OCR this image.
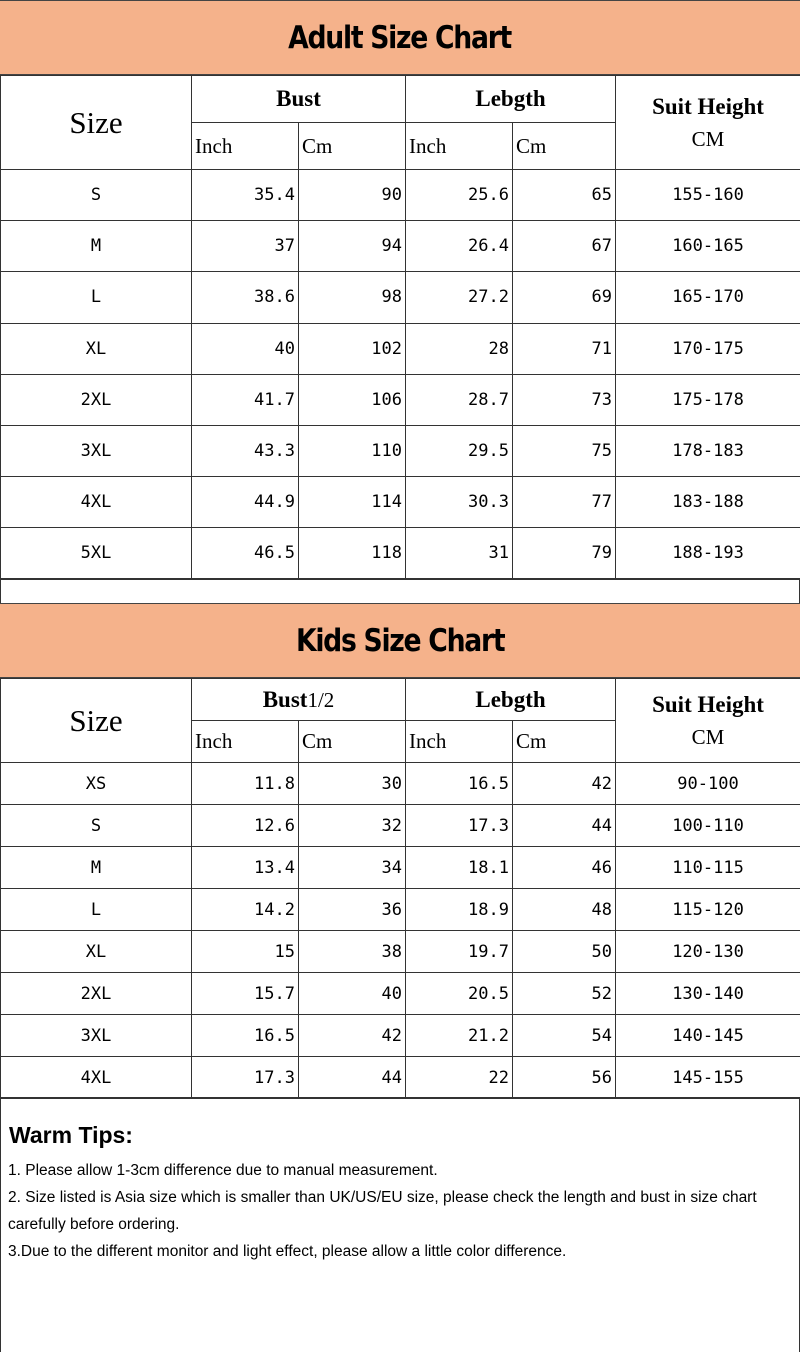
Adult Size Chart
Size	Bust		Lebgth		Suit Height
CM

	Inch	Cm	Inch	Cm	
S	35.4	90	25.6	65	155-160
M	37	94	26.4	67	160-165
L	38.6	98	27.2	69	165-170
XL	40	102	28	71	170-175
2XL	41.7	106	28.7	73	175-178
3XL	43.3	110	29.5	75	178-183
4XL	44.9	114	30.3	77	183-188
5XL	46.5	118	31	79	188-193
Kids Size Chart
Size	Bust1/2		Lebgth		Suit Height
CM

	Inch	Cm	Inch	Cm	
XS	11.8	30	16.5	42	90-100
S	12.6	32	17.3	44	100-110
M	13.4	34	18.1	46	110-115
L	14.2	36	18.9	48	115-120
XL	15	38	19.7	50	120-130
2XL	15.7	40	20.5	52	130-140
3XL	16.5	42	21.2	54	140-145
4XL	17.3	44	22	56	145-155
Warm Tips:
1. Please allow 1-3cm difference due to manual measurement.
2. Size listed is Asia size which is smaller than UK/US/EU size, please check the length and bust in size chart carefully before ordering.
3.Due to the different monitor and light effect, please allow a little color difference.
